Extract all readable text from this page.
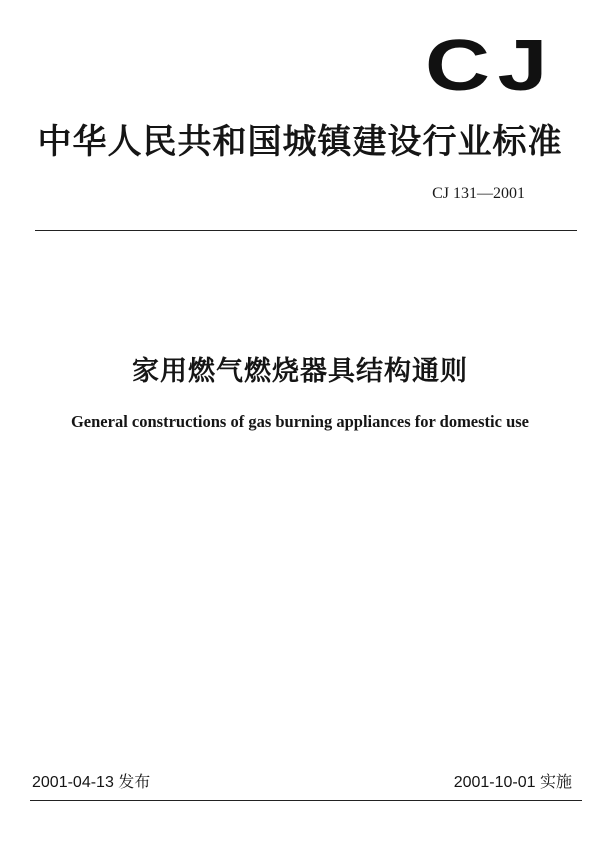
CJ
中华人民共和国城镇建设行业标准
CJ 131—2001
家用燃气燃烧器具结构通则
General constructions of gas burning appliances for domestic use
2001-04-13 发布	2001-10-01 实施
